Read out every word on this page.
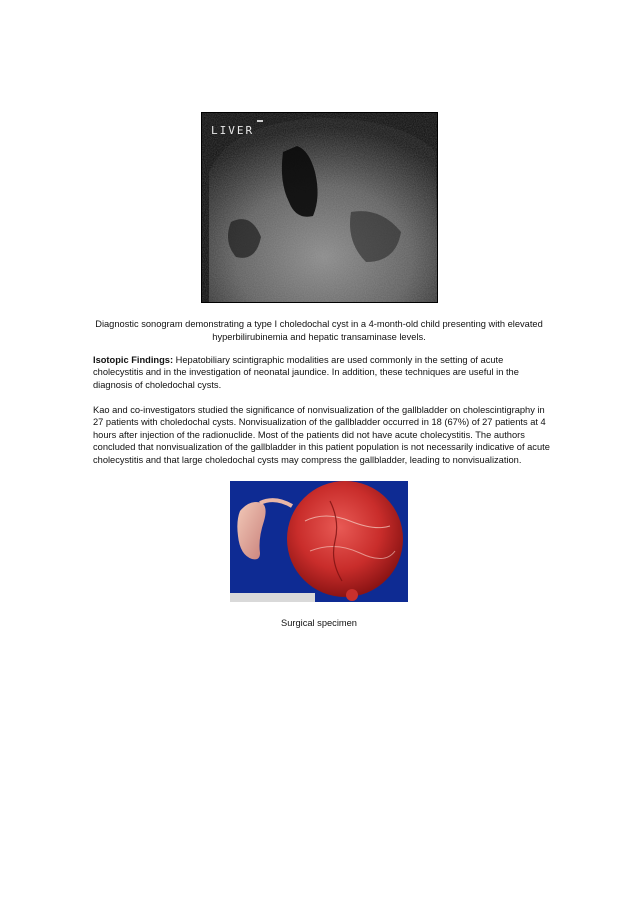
LIVER
Diagnostic sonogram demonstrating a type I choledochal cyst in a 4-month-old child presenting with elevated hyperbilirubinemia and hepatic transaminase levels.
Isotopic Findings: Hepatobiliary scintigraphic modalities are used commonly in the setting of acute cholecystitis and in the investigation of neonatal jaundice. In addition, these techniques are useful in the diagnosis of choledochal cysts.
Kao and co-investigators studied the significance of nonvisualization of the gallbladder on cholescintigraphy in 27 patients with choledochal cysts. Nonvisualization of the gallbladder occurred in 18 (67%) of 27 patients at 4 hours after injection of the radionuclide. Most of the patients did not have acute cholecystitis. The authors concluded that nonvisualization of the gallbladder in this patient population is not necessarily indicative of acute cholecystitis and that large choledochal cysts may compress the gallbladder, leading to nonvisualization.
Surgical specimen
